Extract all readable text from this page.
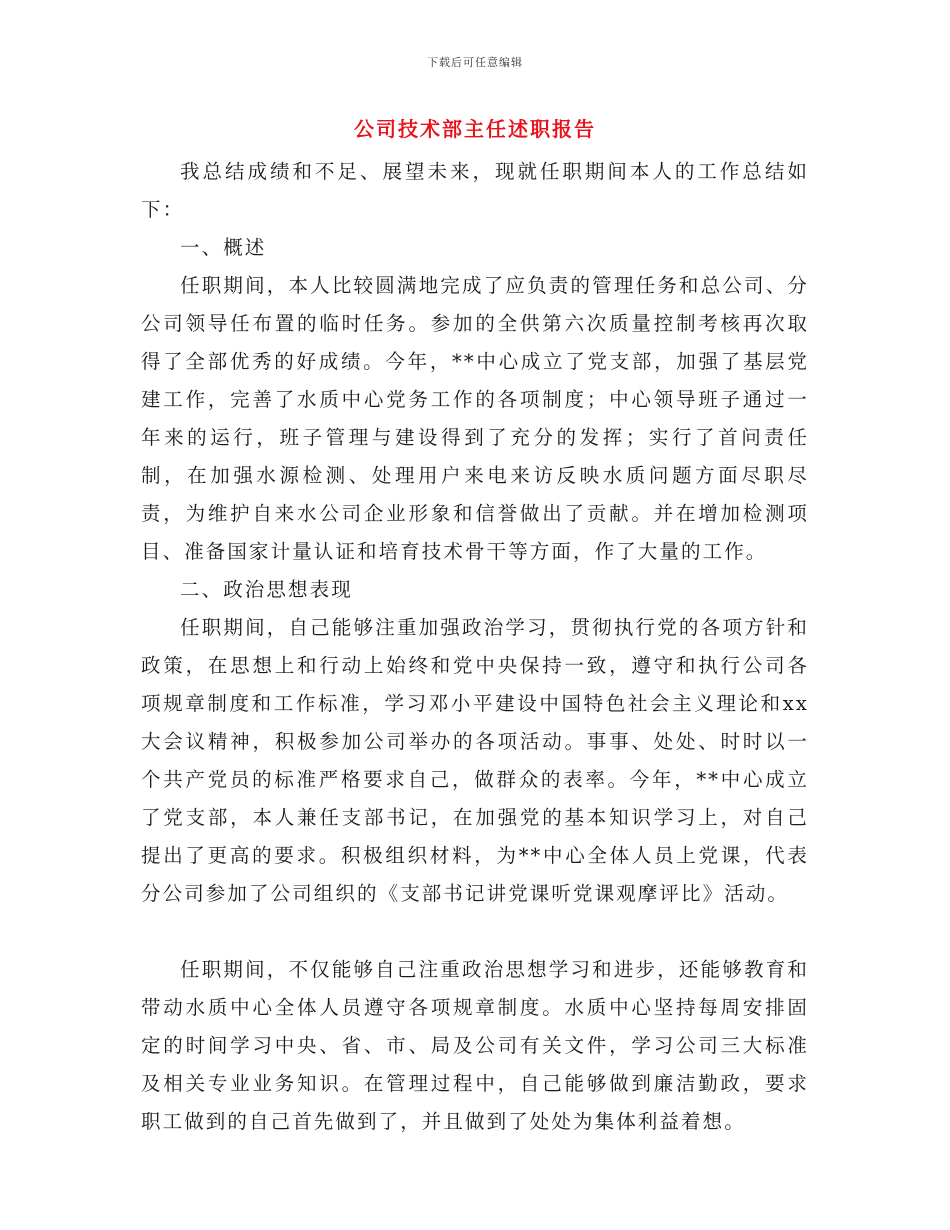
下载后可任意编辑
公司技术部主任述职报告

我总结成绩和不足、展望未来，现就任职期间本人的工作总结如下：

一、概述

任职期间，本人比较圆满地完成了应负责的管理任务和总公司、分公司领导任布置的临时任务。参加的全供第六次质量控制考核再次取得了全部优秀的好成绩。今年，**中心成立了党支部，加强了基层党建工作，完善了水质中心党务工作的各项制度；中心领导班子通过一年来的运行，班子管理与建设得到了充分的发挥；实行了首问责任制，在加强水源检测、处理用户来电来访反映水质问题方面尽职尽责，为维护自来水公司企业形象和信誉做出了贡献。并在增加检测项目、准备国家计量认证和培育技术骨干等方面，作了大量的工作。

二、政治思想表现

任职期间，自己能够注重加强政治学习，贯彻执行党的各项方针和政策，在思想上和行动上始终和党中央保持一致，遵守和执行公司各项规章制度和工作标准，学习邓小平建设中国特色社会主义理论和xx大会议精神，积极参加公司举办的各项活动。事事、处处、时时以一个共产党员的标准严格要求自己，做群众的表率。今年，**中心成立了党支部，本人兼任支部书记，在加强党的基本知识学习上，对自己提出了更高的要求。积极组织材料，为**中心全体人员上党课，代表分公司参加了公司组织的《支部书记讲党课听党课观摩评比》活动。

任职期间，不仅能够自己注重政治思想学习和进步，还能够教育和带动水质中心全体人员遵守各项规章制度。水质中心坚持每周安排固定的时间学习中央、省、市、局及公司有关文件，学习公司三大标准及相关专业业务知识。在管理过程中，自己能够做到廉洁勤政，要求职工做到的自己首先做到了，并且做到了处处为集体利益着想。
